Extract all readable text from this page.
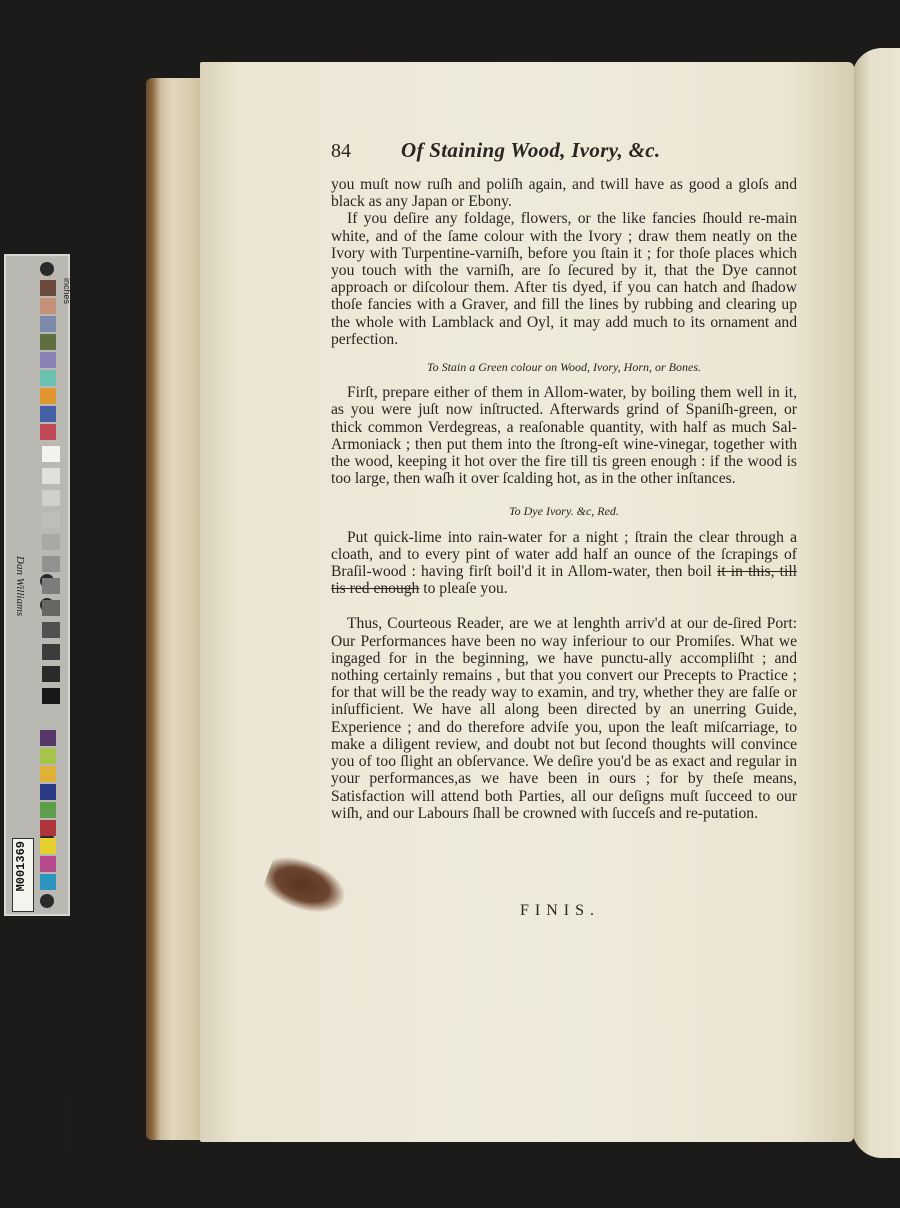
inches
Dan Williams
M001369
centimeters
84	Of Staining Wood, Ivory, &c.

you muſt now ruſh and poliſh again, and twill have as good a gloſs and black as any Japan or Ebony.

If you deſire any foldage, flowers, or the like fancies ſhould re-main white, and of the ſame colour with the Ivory ; draw them neatly on the Ivory with Turpentine-varniſh, before you ſtain it ; for thoſe places which you touch with the varniſh, are ſo ſecured by it, that the Dye cannot approach or diſcolour them. After tis dyed, if you can hatch and ſhadow thoſe fancies with a Graver, and fill the lines by rubbing and clearing up the whole with Lamblack and Oyl, it may add much to its ornament and perfection.

To Stain a Green colour on Wood, Ivory, Horn, or Bones.

Firſt, prepare either of them in Allom-water, by boiling them well in it, as you were juſt now inſtructed. Afterwards grind of Spaniſh-green, or thick common Verdegreas, a reaſonable quantity, with half as much Sal-Armoniack ; then put them into the ſtrong-eſt wine-vinegar, together with the wood, keeping it hot over the fire till tis green enough : if the wood is too large, then waſh it over ſcalding hot, as in the other inſtances.

To Dye Ivory. &c, Red.

Put quick-lime into rain-water for a night ; ſtrain the clear through a cloath, and to every pint of water add half an ounce of the ſcrapings of Braſil-wood : having firſt boil'd it in Allom-water, then boil it in this, till tis red enough to pleaſe you.

Thus, Courteous Reader, are we at lenghth arriv'd at our de-ſired Port: Our Performances have been no way inferiour to our Promiſes. What we ingaged for in the beginning, we have punctu-ally accompliſht ; and nothing certainly remains , but that you convert our Precepts to Practice ; for that will be the ready way to examin, and try, whether they are falſe or inſufficient. We have all along been directed by an unerring Guide, Experience ; and do therefore adviſe you, upon the leaſt miſcarriage, to make a diligent review, and doubt not but ſecond thoughts will convince you of too ſlight an obſervance. We deſire you'd be as exact and regular in your performances,as we have been in ours ; for by theſe means, Satisfaction will attend both Parties, all our deſigns muſt ſucceed to our wiſh, and our Labours ſhall be crowned with ſucceſs and re-putation.

FINIS.
